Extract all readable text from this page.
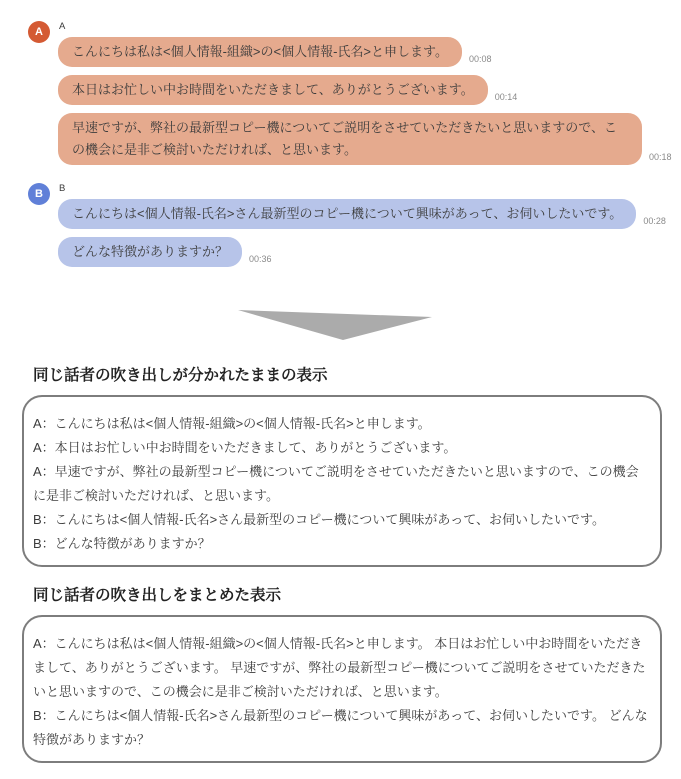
A A
こんにちは私は<個人情報-組織>の<個人情報-氏名>と申します。	00:08
本日はお忙しい中お時間をいただきまして、ありがとうございます。	00:14
早速ですが、弊社の最新型コピー機についてご説明をさせていただきたいと思いますので、この機会に是非ご検討いただければ、と思います。	00:18
B B
こんにちは<個人情報-氏名>さん最新型のコピー機について興味があって、お伺いしたいです。	00:28
どんな特徴がありますか？	00:36
同じ話者の吹き出しが分かれたままの表示
A：こんにちは私は<個人情報-組織>の<個人情報-氏名>と申します。
A：本日はお忙しい中お時間をいただきまして、ありがとうございます。
A：早速ですが、弊社の最新型コピー機についてご説明をさせていただきたいと思いますので、この機会に是非ご検討いただければ、と思います。
B：こんにちは<個人情報-氏名>さん最新型のコピー機について興味があって、お伺いしたいです。
B：どんな特徴がありますか？
同じ話者の吹き出しをまとめた表示
A：こんにちは私は<個人情報-組織>の<個人情報-氏名>と申します。 本日はお忙しい中お時間をいただきまして、ありがとうございます。 早速ですが、弊社の最新型コピー機についてご説明をさせていただきたいと思いますので、この機会に是非ご検討いただければ、と思います。
B：こんにちは<個人情報-氏名>さん最新型のコピー機について興味があって、お伺いしたいです。 どんな特徴がありますか？
